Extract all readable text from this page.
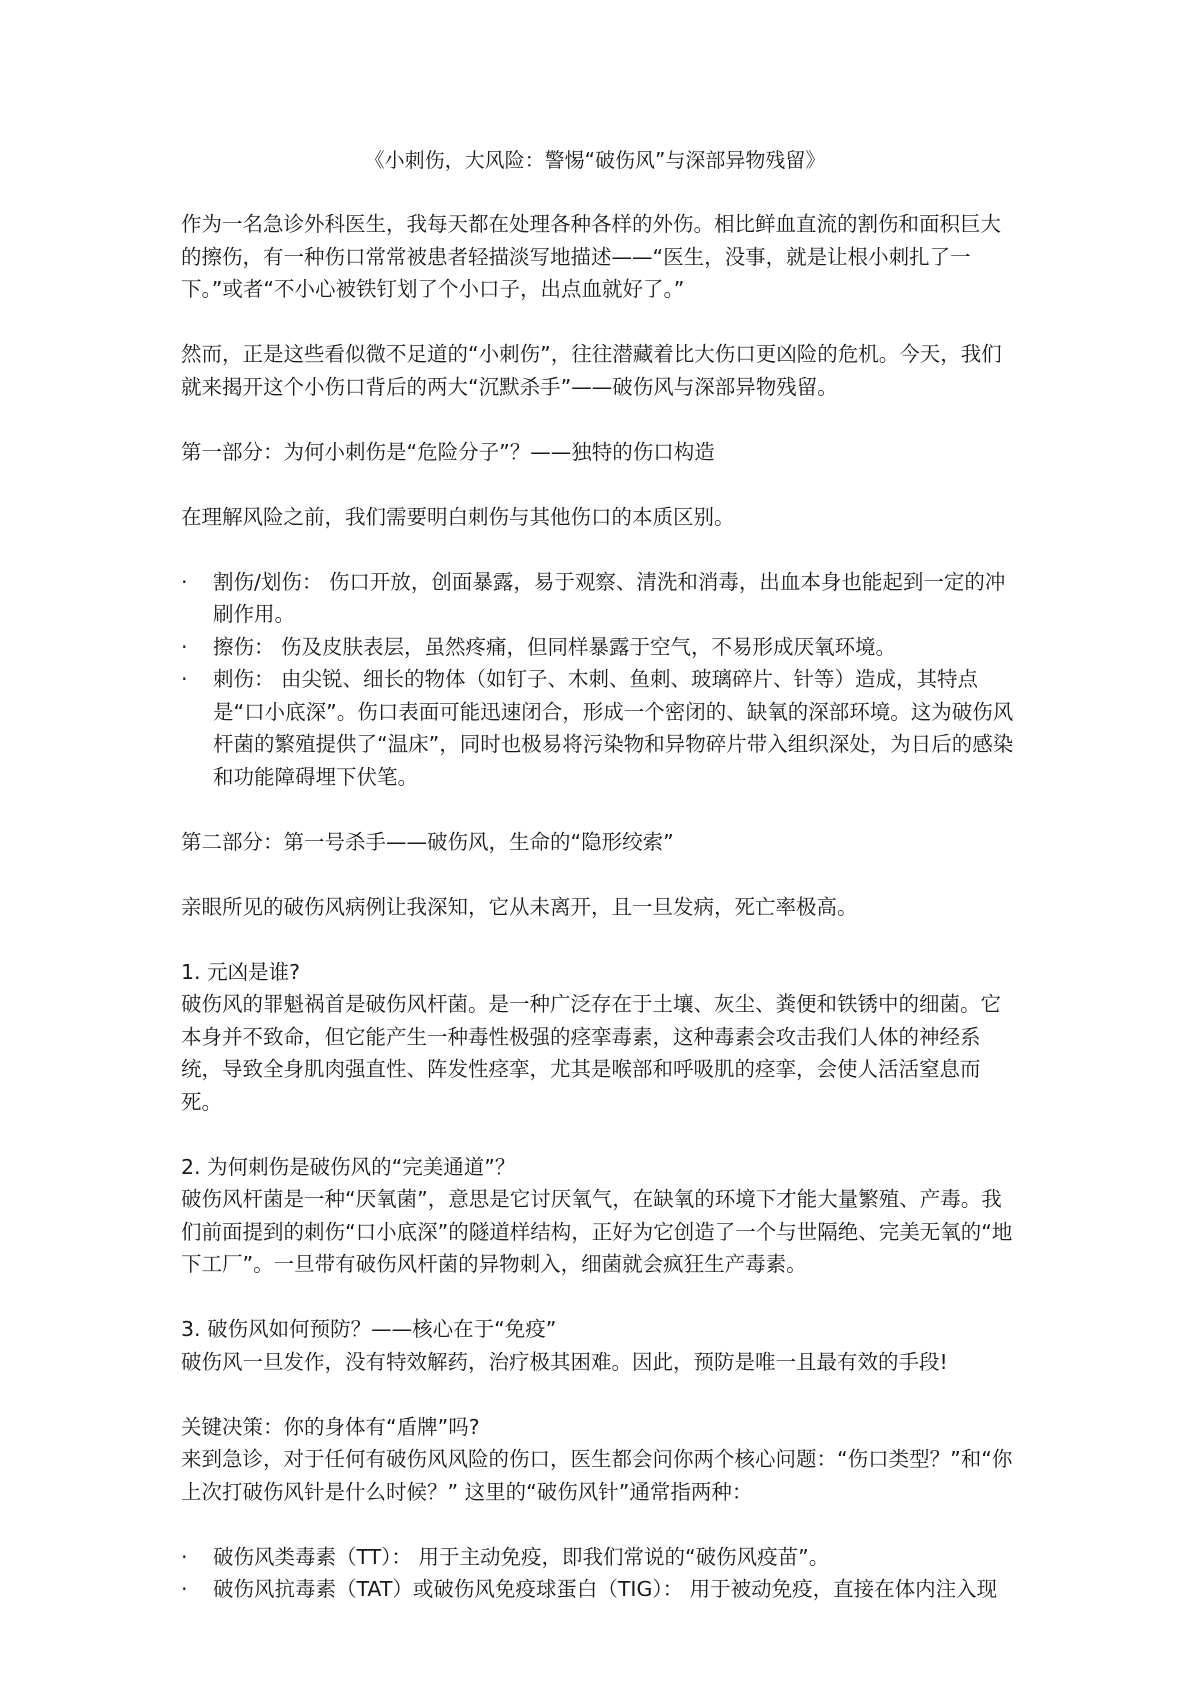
《小刺伤，大风险：警惕“破伤风”与深部异物残留》

作为一名急诊外科医生，我每天都在处理各种各样的外伤。相比鲜血直流的割伤和面积巨大的擦伤，有一种伤口常常被患者轻描淡写地描述——“医生，没事，就是让根小刺扎了一下。”或者“不小心被铁钉划了个小口子，出点血就好了。”

然而，正是这些看似微不足道的“小刺伤”，往往潜藏着比大伤口更凶险的危机。今天，我们就来揭开这个小伤口背后的两大“沉默杀手”——破伤风与深部异物残留。

第一部分：为何小刺伤是“危险分子”？——独特的伤口构造

在理解风险之前，我们需要明白刺伤与其他伤口的本质区别。

·	割伤/划伤： 伤口开放，创面暴露，易于观察、清洗和消毒，出血本身也能起到一定的冲刷作用。
·	擦伤： 伤及皮肤表层，虽然疼痛，但同样暴露于空气，不易形成厌氧环境。
·	刺伤： 由尖锐、细长的物体（如钉子、木刺、鱼刺、玻璃碎片、针等）造成，其特点是“口小底深”。伤口表面可能迅速闭合，形成一个密闭的、缺氧的深部环境。这为破伤风杆菌的繁殖提供了“温床”，同时也极易将污染物和异物碎片带入组织深处，为日后的感染和功能障碍埋下伏笔。

第二部分：第一号杀手——破伤风，生命的“隐形绞索”

亲眼所见的破伤风病例让我深知，它从未离开，且一旦发病，死亡率极高。

1. 元凶是谁?

破伤风的罪魁祸首是破伤风杆菌。是一种广泛存在于土壤、灰尘、粪便和铁锈中的细菌。它本身并不致命，但它能产生一种毒性极强的痉挛毒素，这种毒素会攻击我们人体的神经系统，导致全身肌肉强直性、阵发性痉挛，尤其是喉部和呼吸肌的痉挛，会使人活活窒息而死。

2. 为何刺伤是破伤风的“完美通道”？

破伤风杆菌是一种“厌氧菌”，意思是它讨厌氧气，在缺氧的环境下才能大量繁殖、产毒。我们前面提到的刺伤“口小底深”的隧道样结构，正好为它创造了一个与世隔绝、完美无氧的“地下工厂”。一旦带有破伤风杆菌的异物刺入，细菌就会疯狂生产毒素。

3. 破伤风如何预防？——核心在于“免疫”

破伤风一旦发作，没有特效解药，治疗极其困难。因此，预防是唯一且最有效的手段!

关键决策：你的身体有“盾牌”吗?

来到急诊，对于任何有破伤风风险的伤口，医生都会问你两个核心问题：“伤口类型？”和“你上次打破伤风针是什么时候？” 这里的“破伤风针”通常指两种：

·	破伤风类毒素（TT）： 用于主动免疫，即我们常说的“破伤风疫苗”。
·	破伤风抗毒素（TAT）或破伤风免疫球蛋白（TIG）： 用于被动免疫，直接在体内注入现
